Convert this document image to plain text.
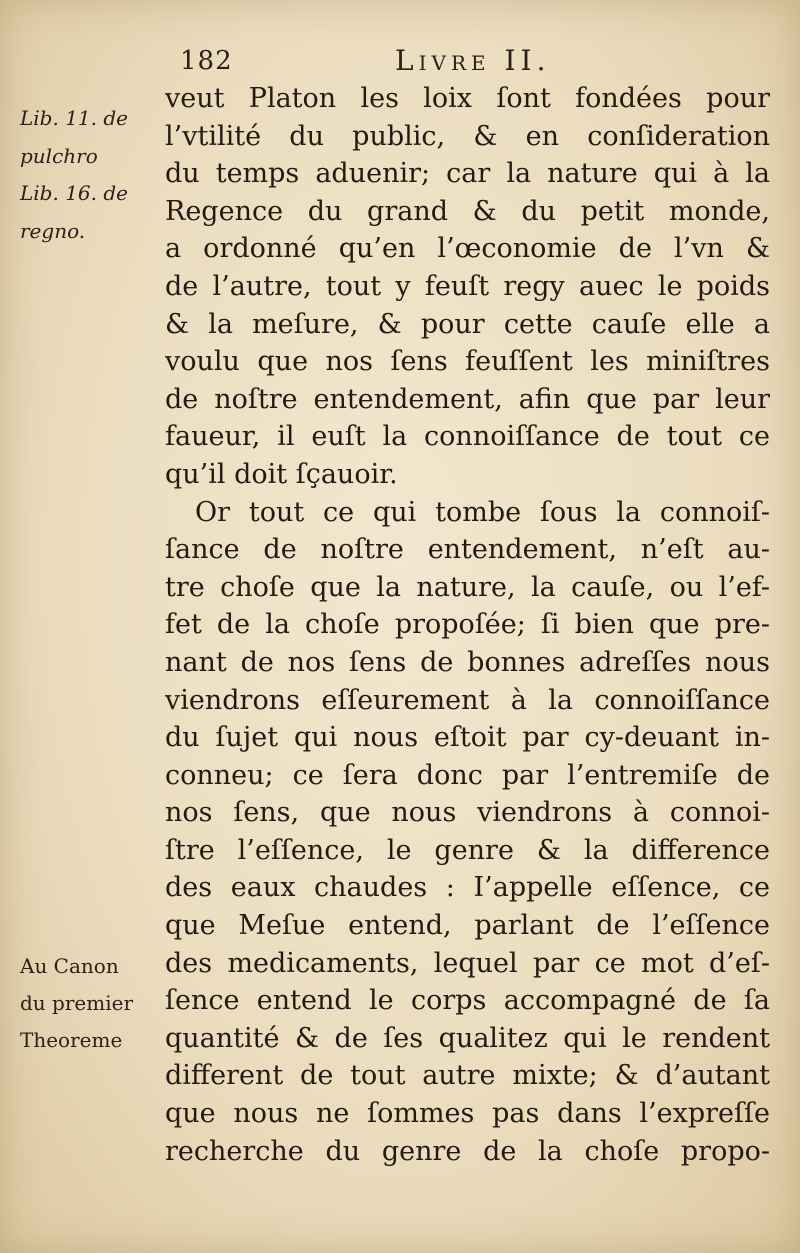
182	Livre II.
Lib. 11. de
pulchro
Lib. 16. de
regno.
Au Canon
du premier
Theoreme
veut Platon les loix ſont fondées pour
l’vtilité du public, & en conſideration
du temps aduenir; car la nature qui à la
Regence du grand & du petit monde,
a ordonné qu’en l’œconomie de l’vn &
de l’autre, tout y feuſt regy auec le poids
& la meſure, & pour cette cauſe elle a
voulu que nos ſens feuſſent les miniſtres
de noſtre entendement, afin que par leur
faueur, il euſt la connoiſſance de tout ce
qu’il doit ſçauoir.
Or tout ce qui tombe ſous la connoiſ-
ſance de noſtre entendement, n’eſt au-
tre choſe que la nature, la cauſe, ou l’ef-
fet de la choſe propoſée; ſi bien que pre-
nant de nos ſens de bonnes adreſſes nous
viendrons eſſeurement à la connoiſſance
du ſujet qui nous eſtoit par cy-deuant in-
conneu; ce ſera donc par l’entremiſe de
nos ſens, que nous viendrons à connoi-
ſtre l’eſſence, le genre & la difference
des eaux chaudes : I’appelle eſſence, ce
que Meſue entend, parlant de l’eſſence
des medicaments, lequel par ce mot d’eſ-
ſence entend le corps accompagné de ſa
quantité & de ſes qualitez qui le rendent
different de tout autre mixte; & d’autant
que nous ne ſommes pas dans l’expreſſe
recherche du genre de la choſe propo-
